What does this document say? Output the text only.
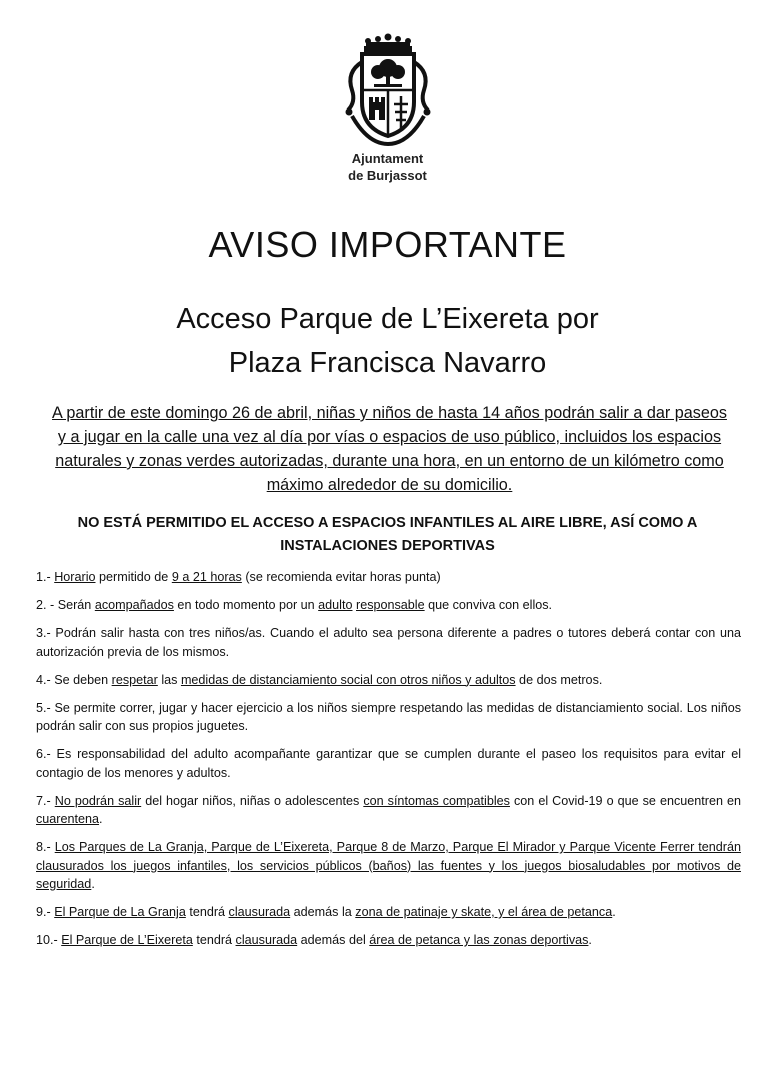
Ajuntament
de Burjassot
AVISO IMPORTANTE
Acceso Parque de L’Eixereta por
Plaza Francisca Navarro
A partir de este domingo 26 de abril, niñas y niños de hasta 14 años podrán salir a dar paseos y a jugar en la calle una vez al día por vías o espacios de uso público, incluidos los espacios naturales y zonas verdes autorizadas, durante una hora, en un entorno de un kilómetro como máximo alrededor de su domicilio.
NO ESTÁ PERMITIDO EL ACCESO A ESPACIOS INFANTILES AL AIRE LIBRE, ASÍ COMO A
INSTALACIONES DEPORTIVAS

1.- Horario permitido de 9 a 21 horas (se recomienda evitar horas punta)

2. - Serán acompañados en todo momento por un adulto responsable que conviva con ellos.

3.- Podrán salir hasta con tres niños/as. Cuando el adulto sea persona diferente a padres o tutores deberá contar con una autorización previa de los mismos.

4.- Se deben respetar las medidas de distanciamiento social con otros niños y adultos de dos metros.

5.- Se permite correr, jugar y hacer ejercicio a los niños siempre respetando las medidas de distanciamiento social. Los niños podrán salir con sus propios juguetes.

6.- Es responsabilidad del adulto acompañante garantizar que se cumplen durante el paseo los requisitos para evitar el contagio de los menores y adultos.

7.- No podrán salir del hogar niños, niñas o adolescentes con síntomas compatibles con el Covid-19 o que se encuentren en cuarentena.

8.- Los Parques de La Granja, Parque de L’Eixereta, Parque 8 de Marzo, Parque El Mirador y Parque Vicente Ferrer tendrán clausurados los juegos infantiles, los servicios públicos (baños) las fuentes y los juegos biosaludables por motivos de seguridad.

9.- El Parque de La Granja tendrá clausurada además la zona de patinaje y skate, y el área de petanca.

10.- El Parque de L’Eixereta tendrá clausurada además del área de petanca y las zonas deportivas.
